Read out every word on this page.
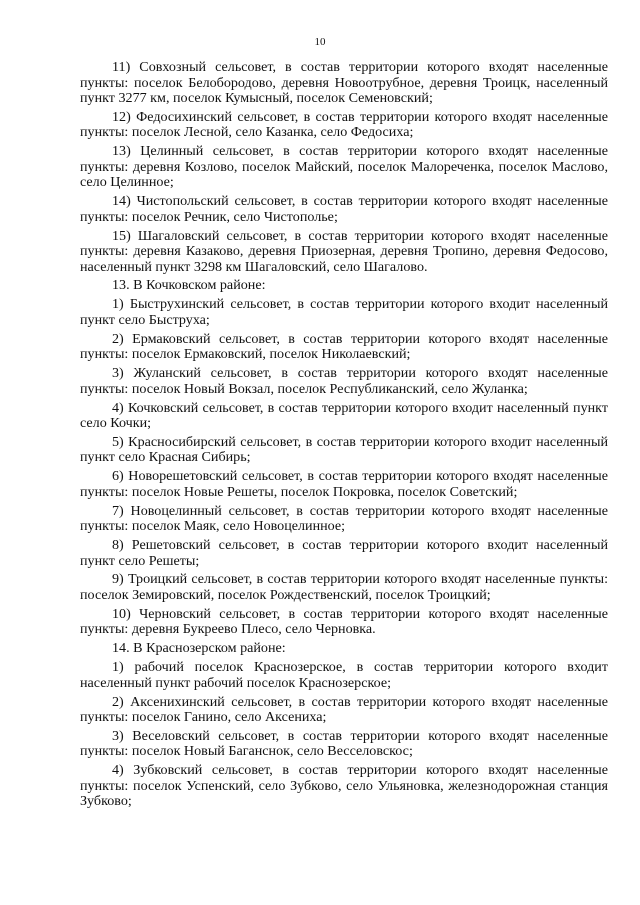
10

11) Совхозный сельсовет, в состав территории которого входят населенные пункты: поселок Белобородово, деревня Новоотрубное, деревня Троицк, населенный пункт 3277 км, поселок Кумысный, поселок Семеновский;

12) Федосихинский сельсовет, в состав территории которого входят населенные пункты: поселок Лесной, село Казанка, село Федосиха;

13) Целинный сельсовет, в состав территории которого входят населенные пункты: деревня Козлово, поселок Майский, поселок Малореченка, поселок Маслово, село Целинное;

14) Чистопольский сельсовет, в состав территории которого входят населенные пункты: поселок Речник, село Чистополье;

15) Шагаловский сельсовет, в состав территории которого входят населенные пункты: деревня Казаково, деревня Приозерная, деревня Тропино, деревня Федосово, населенный пункт 3298 км Шагаловский, село Шагалово.

13. В Кочковском районе:

1) Быструхинский сельсовет, в состав территории которого входит населенный пункт село Быструха;

2) Ермаковский сельсовет, в состав территории которого входят населенные пункты: поселок Ермаковский, поселок Николаевский;

3) Жуланский сельсовет, в состав территории которого входят населенные пункты: поселок Новый Вокзал, поселок Республиканский, село Жуланка;

4) Кочковский сельсовет, в состав территории которого входит населенный пункт село Кочки;

5) Красносибирский сельсовет, в состав территории которого входит населенный пункт село Красная Сибирь;

6) Новорешетовский сельсовет, в состав территории которого входят населенные пункты: поселок Новые Решеты, поселок Покровка, поселок Советский;

7) Новоцелинный сельсовет, в состав территории которого входят населенные пункты: поселок Маяк, село Новоцелинное;

8) Решетовский сельсовет, в состав территории которого входит населенный пункт село Решеты;

9) Троицкий сельсовет, в состав территории которого входят населенные пункты: поселок Земировский, поселок Рождественский, поселок Троицкий;

10) Черновский сельсовет, в состав территории которого входят населенные пункты: деревня Букреево Плесо, село Черновка.

14. В Краснозерском районе:

1) рабочий поселок Краснозерское, в состав территории которого входит населенный пункт рабочий поселок Краснозерское;

2) Аксенихинский сельсовет, в состав территории которого входят населенные пункты: поселок Ганино, село Аксениха;

3) Веселовский сельсовет, в состав территории которого входят населенные пункты: поселок Новый Баганснок, село Весселовскос;

4) Зубковский сельсовет, в состав территории которого входят населенные пункты: поселок Успенский, село Зубково, село Ульяновка, железнодорожная станция Зубково;
